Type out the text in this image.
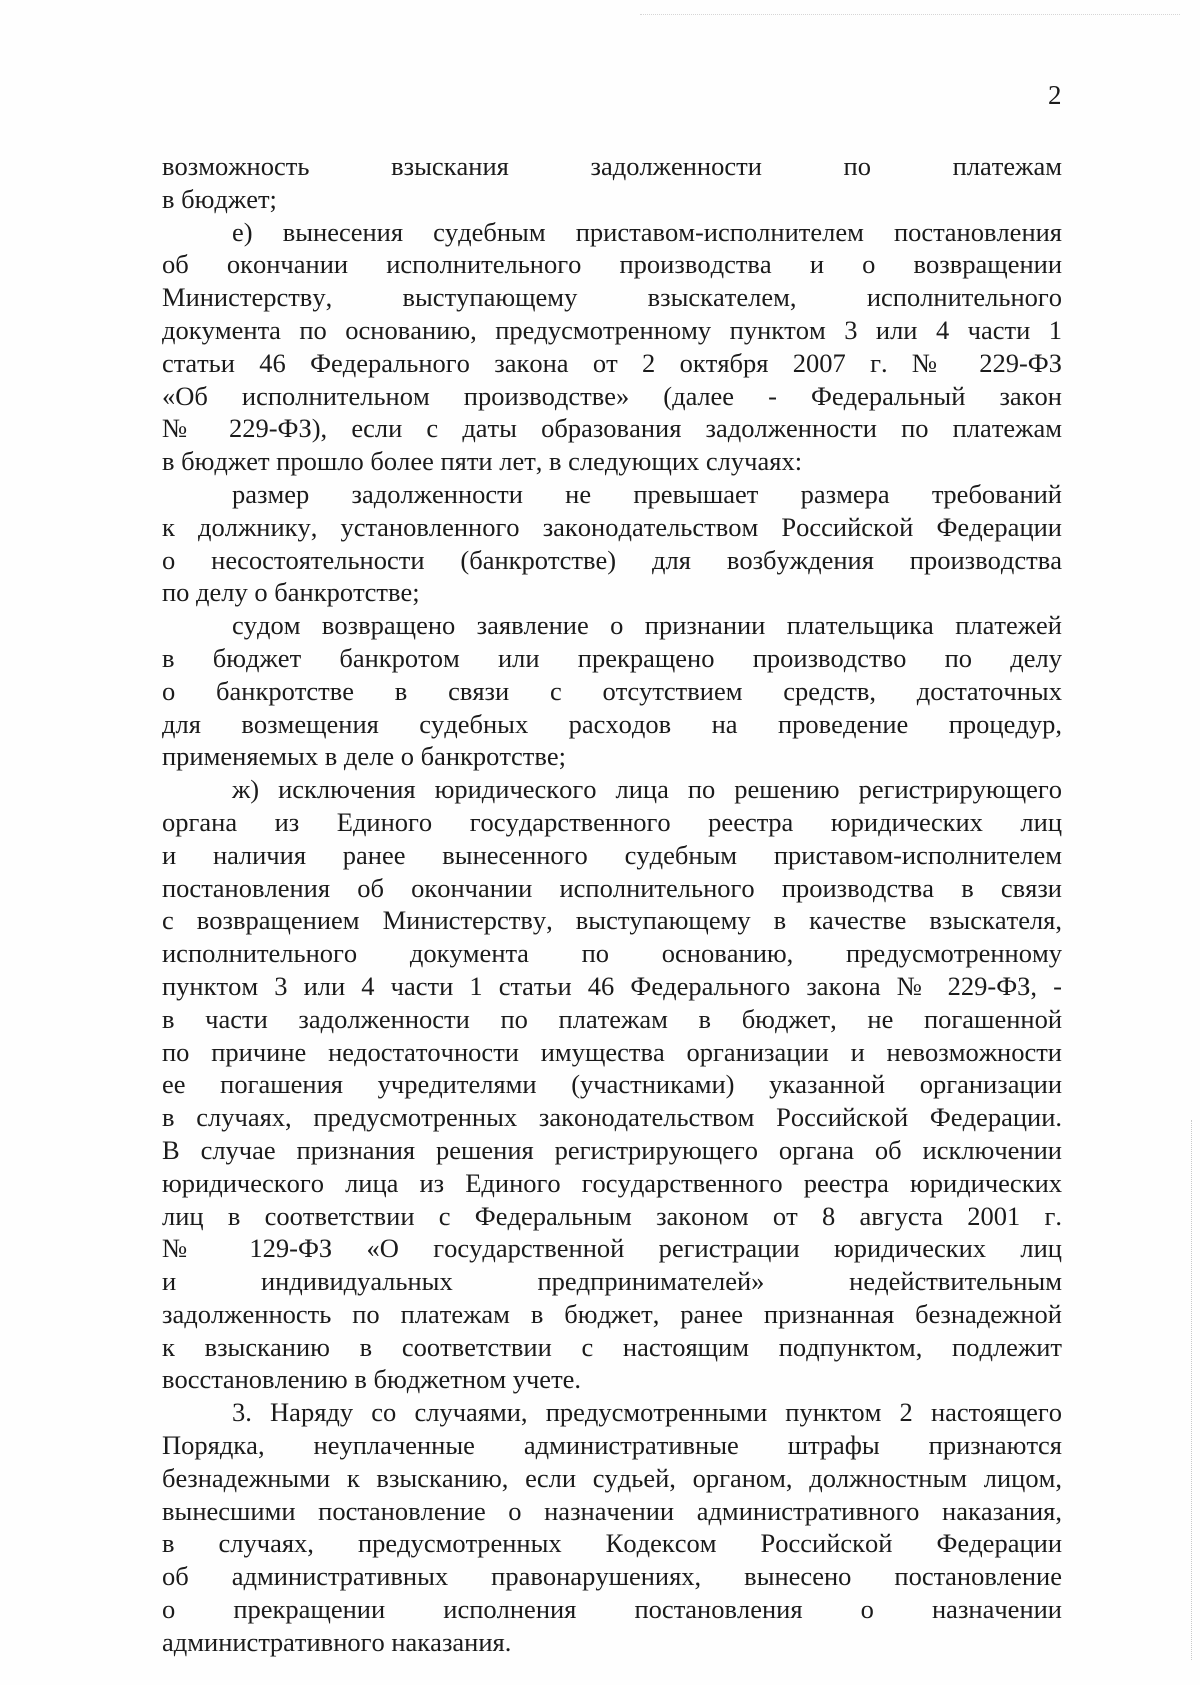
2
возможность взыскания задолженности по платежам
в бюджет;
е) вынесения судебным приставом-исполнителем постановления
об окончании исполнительного производства и о возвращении
Министерству, выступающему взыскателем, исполнительного
документа по основанию, предусмотренному пунктом 3 или 4 части 1
статьи 46 Федерального закона от 2 октября 2007 г. № 229-ФЗ
«Об исполнительном производстве» (далее - Федеральный закон
№ 229-ФЗ), если с даты образования задолженности по платежам
в бюджет прошло более пяти лет, в следующих случаях:
размер задолженности не превышает размера требований
к должнику, установленного законодательством Российской Федерации
о несостоятельности (банкротстве) для возбуждения производства
по делу о банкротстве;
судом возвращено заявление о признании плательщика платежей
в бюджет банкротом или прекращено производство по делу
о банкротстве в связи с отсутствием средств, достаточных
для возмещения судебных расходов на проведение процедур,
применяемых в деле о банкротстве;
ж) исключения юридического лица по решению регистрирующего
органа из Единого государственного реестра юридических лиц
и наличия ранее вынесенного судебным приставом-исполнителем
постановления об окончании исполнительного производства в связи
с возвращением Министерству, выступающему в качестве взыскателя,
исполнительного документа по основанию, предусмотренному
пунктом 3 или 4 части 1 статьи 46 Федерального закона № 229-ФЗ, -
в части задолженности по платежам в бюджет, не погашенной
по причине недостаточности имущества организации и невозможности
ее погашения учредителями (участниками) указанной организации
в случаях, предусмотренных законодательством Российской Федерации.
В случае признания решения регистрирующего органа об исключении
юридического лица из Единого государственного реестра юридических
лиц в соответствии с Федеральным законом от 8 августа 2001 г.
№ 129-ФЗ «О государственной регистрации юридических лиц
и индивидуальных предпринимателей» недействительным
задолженность по платежам в бюджет, ранее признанная безнадежной
к взысканию в соответствии с настоящим подпунктом, подлежит
восстановлению в бюджетном учете.
3. Наряду со случаями, предусмотренными пунктом 2 настоящего
Порядка, неуплаченные административные штрафы признаются
безнадежными к взысканию, если судьей, органом, должностным лицом,
вынесшими постановление о назначении административного наказания,
в случаях, предусмотренных Кодексом Российской Федерации
об административных правонарушениях, вынесено постановление
о прекращении исполнения постановления о назначении
административного наказания.
